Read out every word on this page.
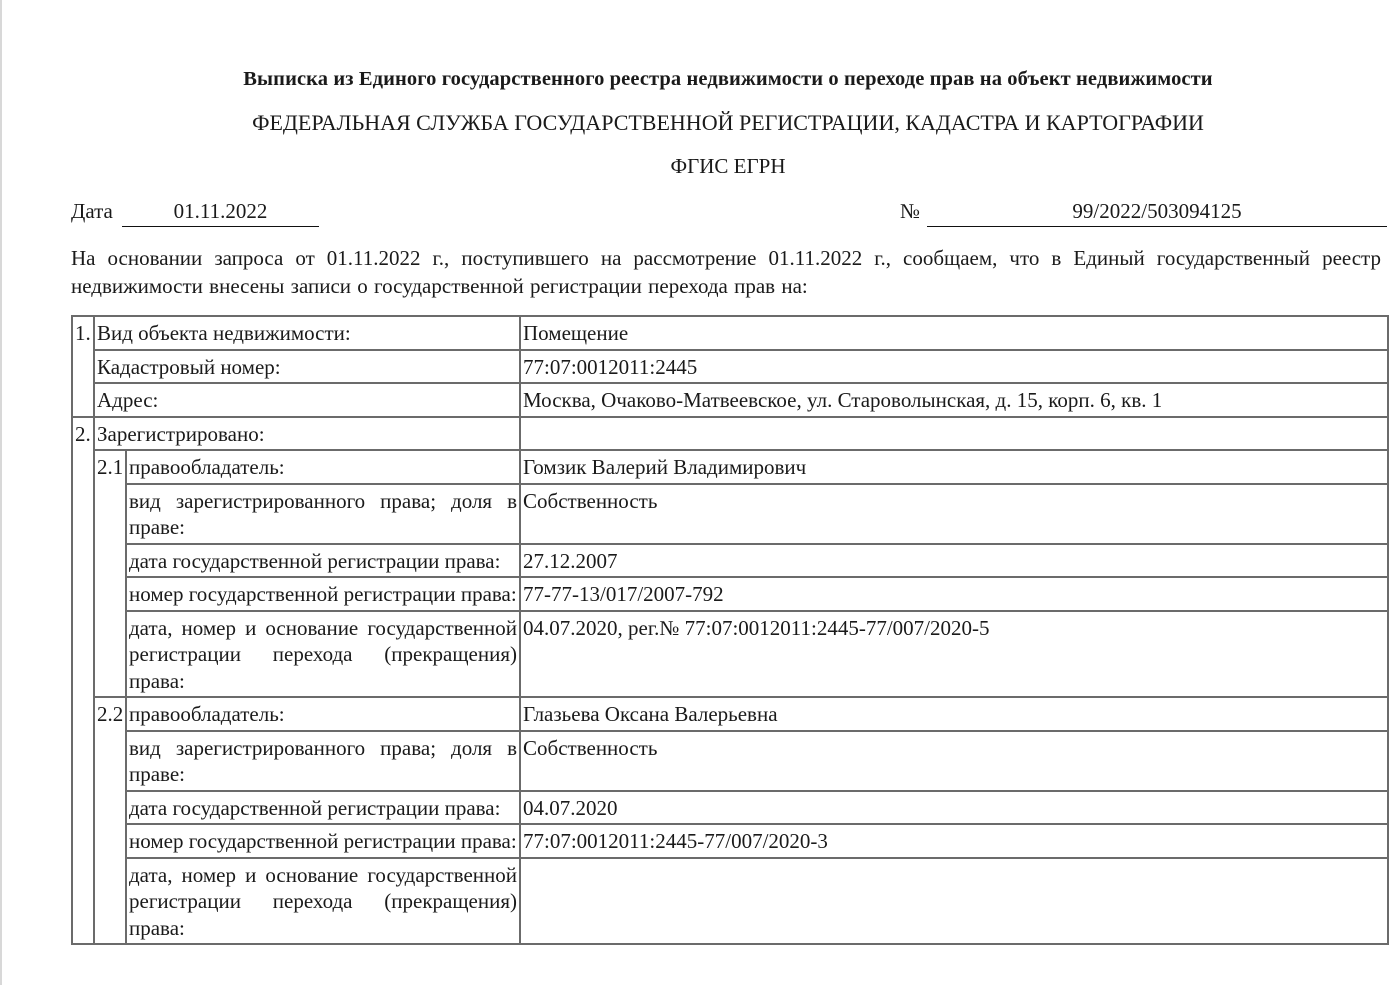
Выписка из Единого государственного реестра недвижимости о переходе прав на объект недвижимости
ФЕДЕРАЛЬНАЯ СЛУЖБА ГОСУДАРСТВЕННОЙ РЕГИСТРАЦИИ, КАДАСТРА И КАРТОГРАФИИ
ФГИС ЕГРН
Дата	01.11.2022	№	99/2022/503094125
На основании запроса от 01.11.2022 г., поступившего на рассмотрение 01.11.2022 г., сообщаем, что в Единый государственный реестр недвижимости внесены записи о государственной регистрации перехода прав на:
1.	Вид объекта недвижимости:		Помещение
	Кадастровый номер:		77:07:0012011:2445
	Адрес:		Москва, Очаково-Матвеевское, ул. Староволынская, д. 15, корп. 6, кв. 1
2.	Зарегистрировано:		
	2.1	правообладатель:	Гомзик Валерий Владимирович
		вид зарегистрированного права; доля в праве:	Собственность
		дата государственной регистрации права:	27.12.2007
		номер государственной регистрации права:	77-77-13/017/2007-792
		дата, номер и основание государственной регистрации перехода (прекращения) права:	04.07.2020, рег.№ 77:07:0012011:2445-77/007/2020-5
	2.2	правообладатель:	Глазьева Оксана Валерьевна
		вид зарегистрированного права; доля в праве:	Собственность
		дата государственной регистрации права:	04.07.2020
		номер государственной регистрации права:	77:07:0012011:2445-77/007/2020-3
		дата, номер и основание государственной регистрации перехода (прекращения) права:	
